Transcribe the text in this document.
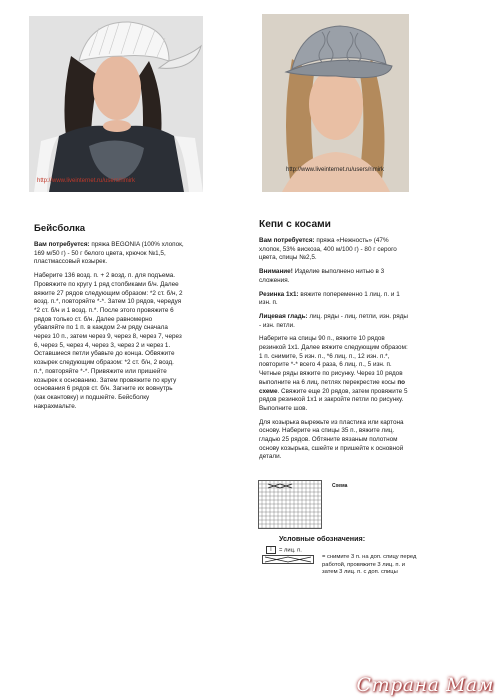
http://www.liveinternet.ru/users/rimirk
http://www.liveinternet.ru/users/rimirk
Бейсболка

Вам потребуется: пряжа BEGONIA (100% хлопок, 169 м/50 г) - 50 г белого цвета, крючок №1,5, пластмассовый козырек.

Наберите 136 возд. п. + 2 возд. п. для подъема. Провяжите по кругу 1 ряд столбиками б/н. Далее вяжите 27 рядов следующим образом: *2 ст. б/н, 2 возд. п.*, повторяйте *-*. Затем 10 рядов, чередуя *2 ст. б/н и 1 возд. п.*. После этого провяжите 6 рядов только ст. б/н. Далее равномерно убавляйте по 1 п. в каждом 2-м ряду сначала через 10 п., затем через 9, через 8, через 7, через 6, через 5, через 4, через 3, через 2 и через 1. Оставшиеся петли убавьте до конца. Обвяжите козырек следующим образом: *2 ст. б/н, 2 возд. п.*, повторяйте *-*. Привяжите или пришейте козырек к основанию. Затем провяжите по кругу основания 6 рядов ст. б/н. Загните их вовнутрь (как окантовку) и подшейте. Бейсболку накрахмальте.

Кепи с косами

Вам потребуется: пряжа «Нежность» (47% хлопок, 53% вискоза, 400 м/100 г) - 80 г серого цвета, спицы №2,5.

Внимание! Изделие выполнено нитью в 3 сложения.

Резинка 1х1: вяжите попеременно 1 лиц. п. и 1 изн. п.

Лицевая гладь: лиц. ряды - лиц. петли, изн. ряды - изн. петли.

Наберите на спицы 90 п., вяжите 10 рядов резинкой 1х1. Далее вяжите следующим образом: 1 п. снимите, 5 изн. п., *6 лиц. п., 12 изн. п.*, повторите *-* всего 4 раза, 6 лиц. п., 5 изн. п. Четные ряды вяжите по рисунку. Через 10 рядов выполните на 6 лиц. петлях перекрестие косы по схеме. Свяжите еще 20 рядов, затем провяжите 5 рядов резинкой 1х1 и закройте петли по рисунку. Выполните шов.

Для козырька вырежьте из пластика или картона основу. Наберите на спицы 35 п., вяжите лиц. гладью 25 рядов. Обтяните вязаным полотном основу козырька, сшейте и пришейте к основной детали.

Схема
Условные обозначения:
I = лиц. п.
= снимите 3 п. на доп. спицу перед работой, провяжите 3 лиц. п. и затем 3 лиц. п. с доп. спицы
Страна Мам
